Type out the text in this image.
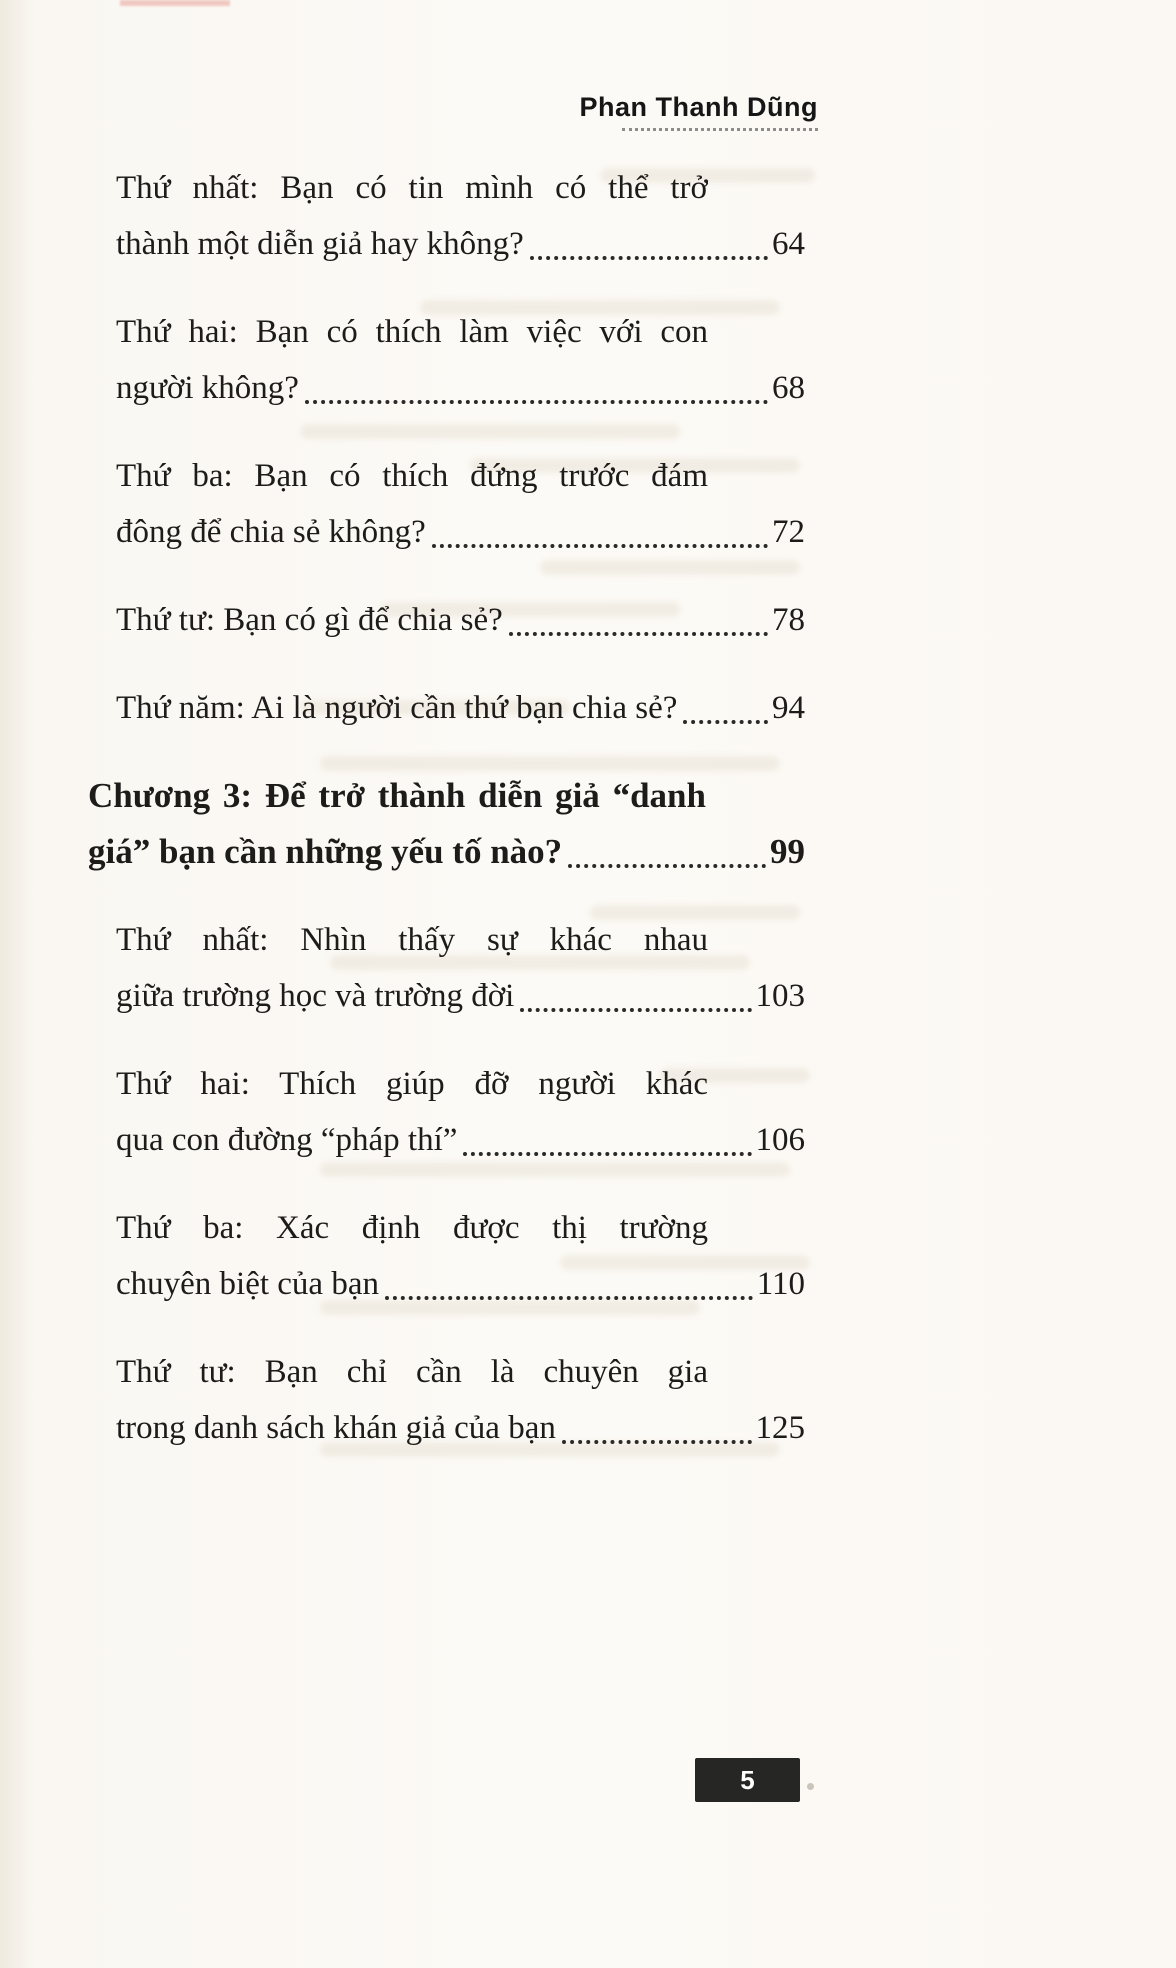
Phan Thanh Dũng
Thứ nhất: Bạn có tin mình có thể trở
thành một diễn giả hay không?	64
Thứ hai: Bạn có thích làm việc với con
người không?	68
Thứ ba: Bạn có thích đứng trước đám
đông để chia sẻ không?	72
Thứ tư: Bạn có gì để chia sẻ?	78
Thứ năm: Ai là người cần thứ bạn chia sẻ?	94
Chương 3: Để trở thành diễn giả “danh
giá” bạn cần những yếu tố nào?	99
Thứ nhất: Nhìn thấy sự khác nhau
giữa trường học và trường đời	103
Thứ hai: Thích giúp đỡ người khác
qua con đường “pháp thí”	106
Thứ ba: Xác định được thị trường
chuyên biệt của bạn	110
Thứ tư: Bạn chỉ cần là chuyên gia
trong danh sách khán giả của bạn	125
5
